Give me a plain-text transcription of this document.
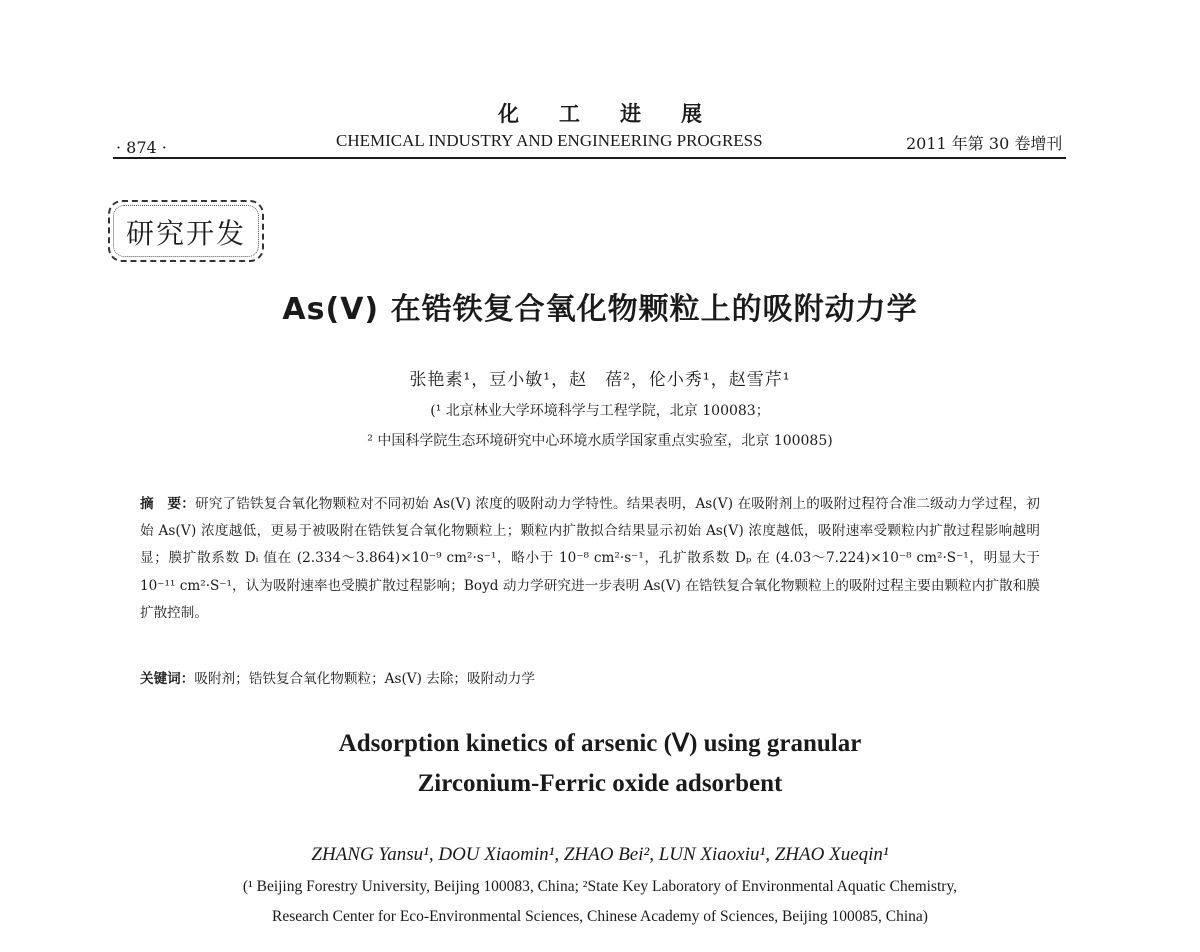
化工进展
· 874 ·	CHEMICAL INDUSTRY AND ENGINEERING PROGRESS	2011 年第 30 卷增刊
研究开发
As(Ⅴ) 在锆铁复合氧化物颗粒上的吸附动力学
张艳素¹，豆小敏¹，赵　蓓²，伦小秀¹，赵雪芹¹
(¹ 北京林业大学环境科学与工程学院，北京 100083；
² 中国科学院生态环境研究中心环境水质学国家重点实验室，北京 100085)
摘　要：研究了锆铁复合氧化物颗粒对不同初始 As(Ⅴ) 浓度的吸附动力学特性。结果表明，As(Ⅴ) 在吸附剂上的吸附过程符合准二级动力学过程，初始 As(Ⅴ) 浓度越低，更易于被吸附在锆铁复合氧化物颗粒上；颗粒内扩散拟合结果显示初始 As(Ⅴ) 浓度越低，吸附速率受颗粒内扩散过程影响越明显；膜扩散系数 Dᵢ 值在 (2.334～3.864)×10⁻⁹ cm²·s⁻¹，略小于 10⁻⁸ cm²·s⁻¹，孔扩散系数 Dₚ 在 (4.03～7.224)×10⁻⁸ cm²·S⁻¹，明显大于 10⁻¹¹ cm²·S⁻¹，认为吸附速率也受膜扩散过程影响；Boyd 动力学研究进一步表明 As(Ⅴ) 在锆铁复合氧化物颗粒上的吸附过程主要由颗粒内扩散和膜扩散控制。
关键词：吸附剂；锆铁复合氧化物颗粒；As(Ⅴ) 去除；吸附动力学
Adsorption kinetics of arsenic (Ⅴ) using granular
Zirconium-Ferric oxide adsorbent
ZHANG Yansu¹, DOU Xiaomin¹, ZHAO Bei², LUN Xiaoxiu¹, ZHAO Xueqin¹
(¹ Beijing Forestry University, Beijing 100083, China; ²State Key Laboratory of Environmental Aquatic Chemistry,
Research Center for Eco-Environmental Sciences, Chinese Academy of Sciences, Beijing 100085, China)
